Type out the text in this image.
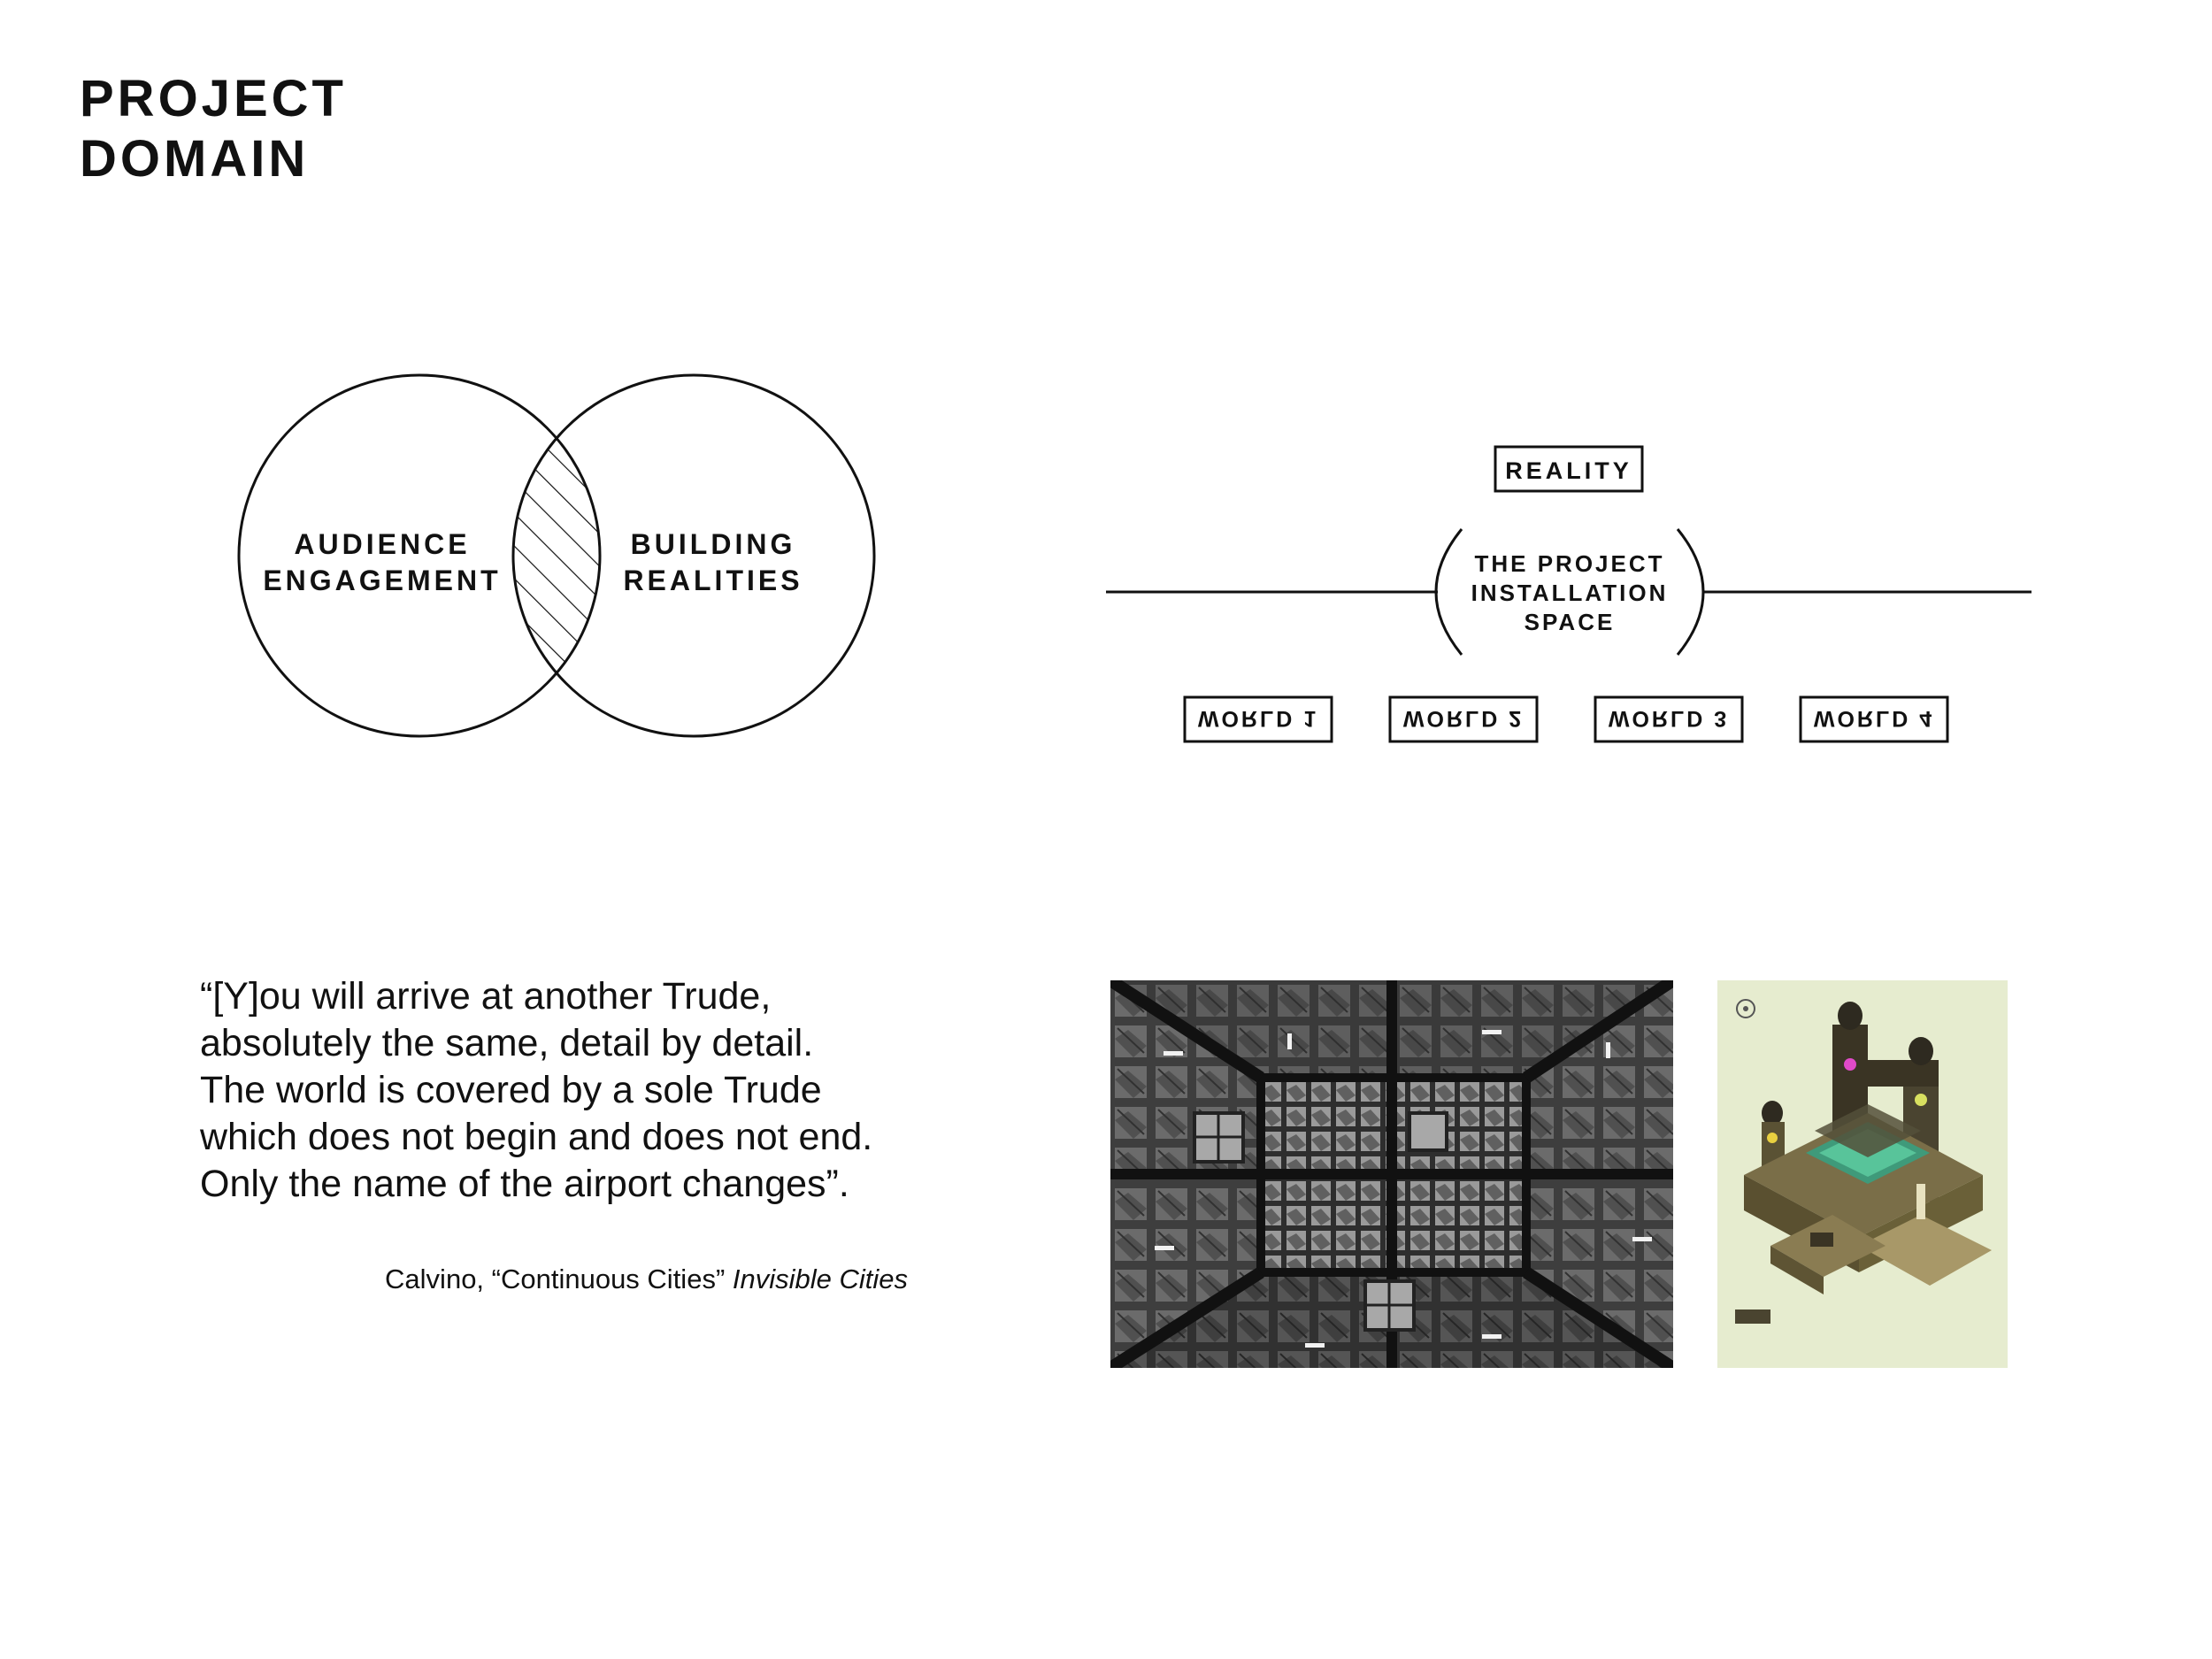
PROJECT
DOMAIN
AUDIENCE
ENGAGEMENT
BUILDING
REALITIES
REALITY
THE PROJECT
INSTALLATION
SPACE
WORLD 1	WORLD 2	WORLD 3	WORLD 4
“[Y]ou will arrive at another Trude,
absolutely the same, detail by detail.
The world is covered by a sole Trude
which does not begin and does not end.
Only the name of the airport changes”.
Calvino, “Continuous Cities” Invisible Cities
